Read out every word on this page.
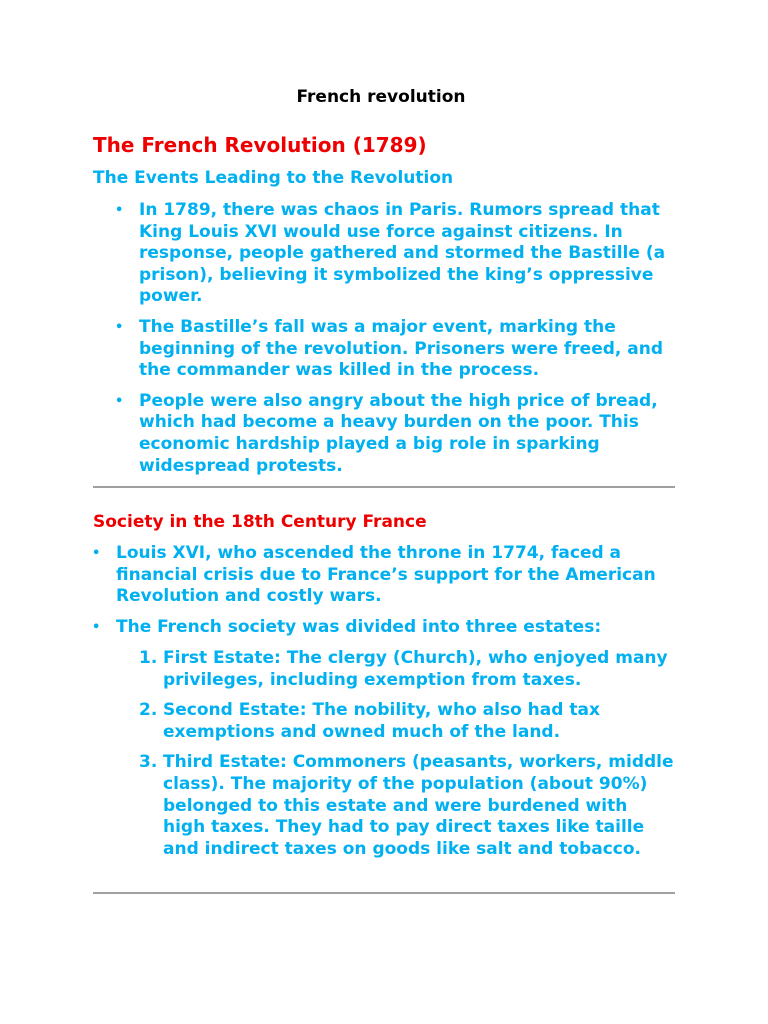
French revolution
The French Revolution (1789)
The Events Leading to the Revolution
• In 1789, there was chaos in Paris. Rumors spread that King Louis XVI would use force against citizens. In response, people gathered and stormed the Bastille (a prison), believing it symbolized the king’s oppressive power.
• The Bastille’s fall was a major event, marking the beginning of the revolution. Prisoners were freed, and the commander was killed in the process.
• People were also angry about the high price of bread, which had become a heavy burden on the poor. This economic hardship played a big role in sparking widespread protests.
Society in the 18th Century France
• Louis XVI, who ascended the throne in 1774, faced a financial crisis due to France’s support for the American Revolution and costly wars.
• The French society was divided into three estates:
1. First Estate: The clergy (Church), who enjoyed many privileges, including exemption from taxes.
2. Second Estate: The nobility, who also had tax exemptions and owned much of the land.
3. Third Estate: Commoners (peasants, workers, middle class). The majority of the population (about 90%) belonged to this estate and were burdened with high taxes. They had to pay direct taxes like taille and indirect taxes on goods like salt and tobacco.
